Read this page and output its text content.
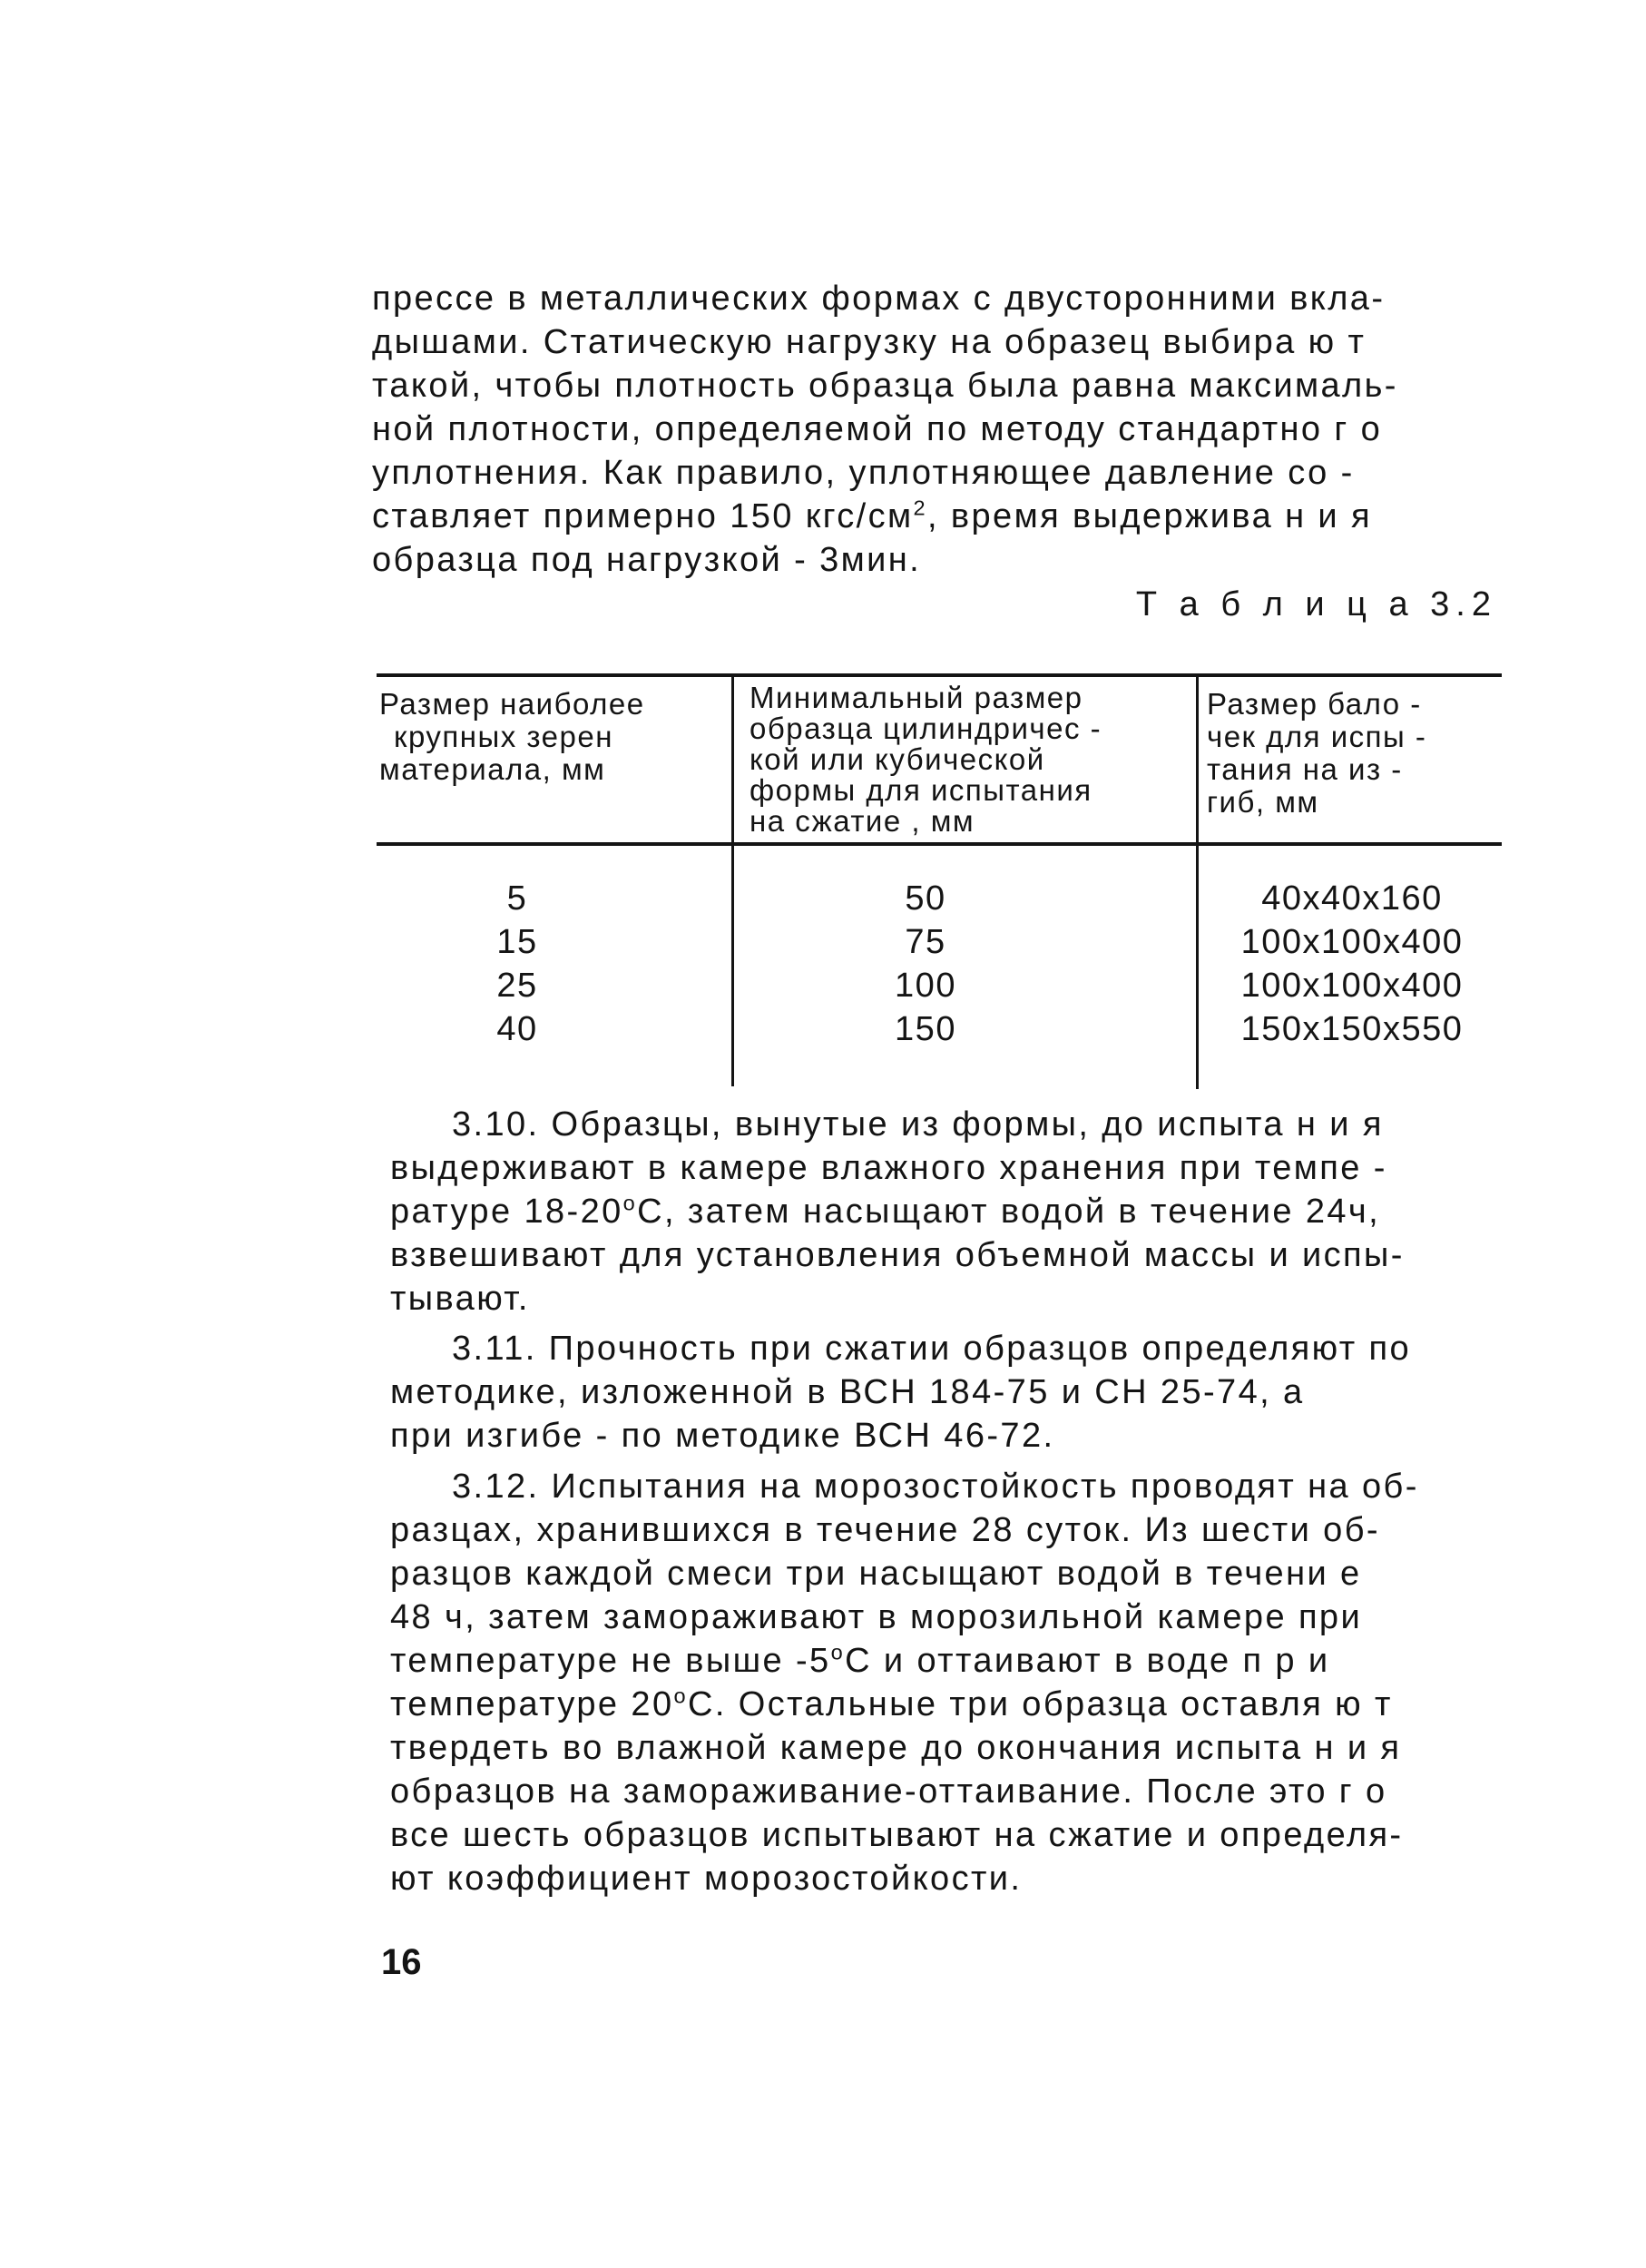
прессе в металлических формах с двусторонними вкла-
дышами. Статическую нагрузку на образец выбира ю т
такой, чтобы плотность образца была равна максималь-
ной плотности, определяемой по методу стандартно г о
уплотнения. Как правило, уплотняющее давление со -
ставляет примерно 150 кгс/$см^2$, время выдержива н и я
образца под нагрузкой - 3мин.
Т а б л и ц а 3.2
Размер наиболее
крупных зерен
материала, мм
Минимальный размер
образца цилиндричес -
кой или кубической
формы для испытания
на сжатие , мм
Размер бало -
чек для испы -
тания на из -
гиб, мм
5
15
25
40
50
75
100
150
40x40x160
100x100x400
100x100x400
150x150x550
3.10. Образцы, вынутые из формы, до испыта н и я
выдерживают в камере влажного хранения при темпе -
ратуре $18-20^оС$, затем насыщают водой в течение 24ч,
взвешивают для установления объемной массы и испы-
тывают.
3.11. Прочность при сжатии образцов определяют по
методике, изложенной в ВСН 184-75 и СН 25-74, а
при изгибе - по методике ВСН 46-72.
3.12. Испытания на морозостойкость проводят на об-
разцах, хранившихся в течение 28 суток. Из шести об-
разцов каждой смеси три насыщают водой в течени е
48 ч, затем замораживают в морозильной камере при
температуре не выше $-5^оС$ и оттаивают в воде п р и
температуре $20^оС$. Остальные три образца оставля ю т
твердеть во влажной камере до окончания испыта н и я
образцов на замораживание-оттаивание. После это г о
все шесть образцов испытывают на сжатие и определя-
ют коэффициент морозостойкости.
16
